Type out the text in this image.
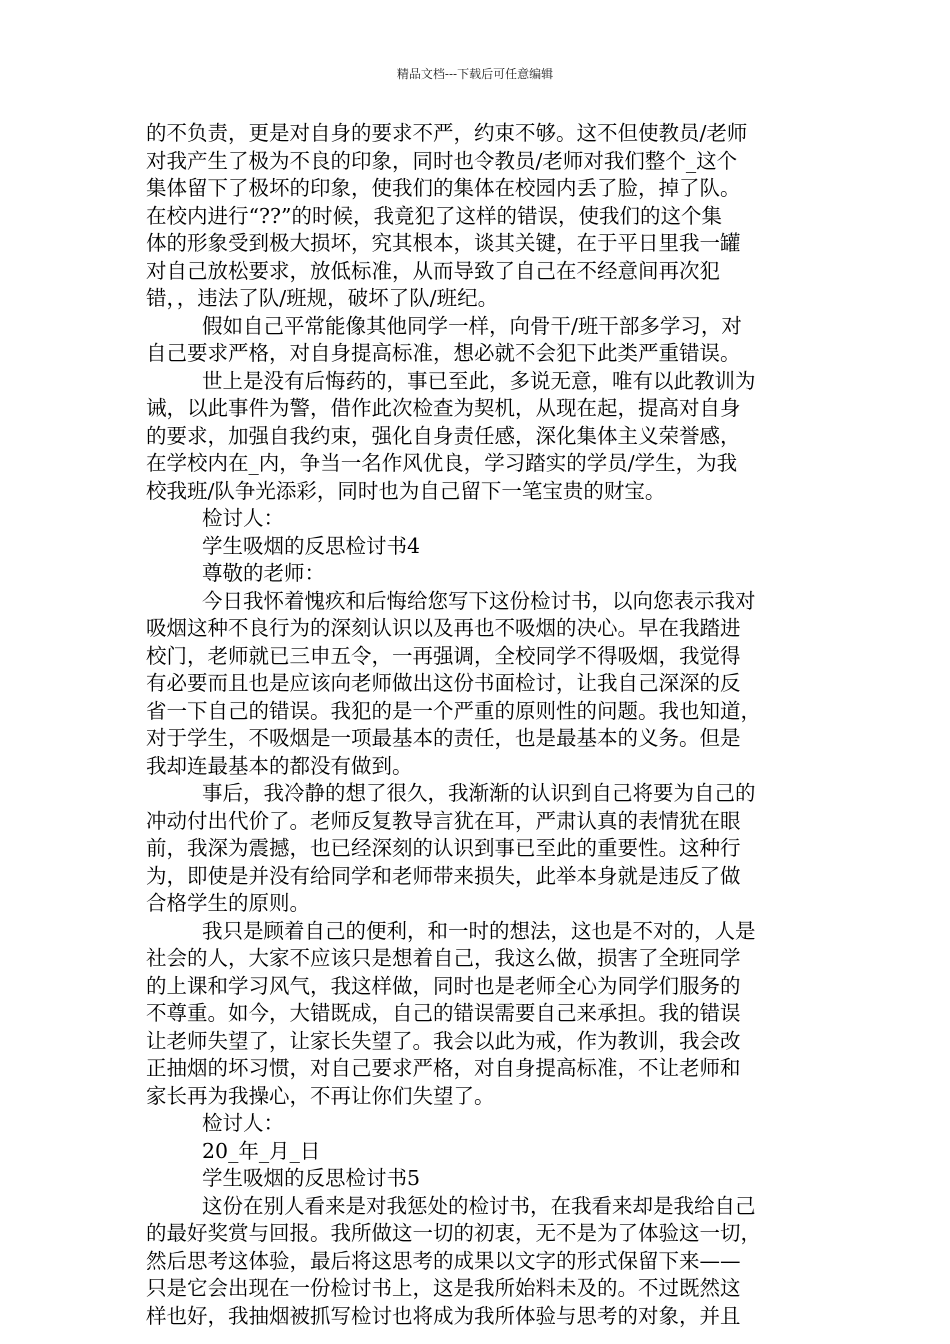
精品文档---下载后可任意编辑
的不负责，更是对自身的要求不严，约束不够。这不但使教员/老师
对我产生了极为不良的印象，同时也令教员/老师对我们整个_这个
集体留下了极坏的印象，使我们的集体在校园内丢了脸，掉了队。
在校内进行“??”的时候，我竟犯了这样的错误，使我们的这个集
体的形象受到极大损坏，究其根本，谈其关键，在于平日里我一罐
对自己放松要求，放低标准，从而导致了自己在不经意间再次犯
错，，违法了队/班规，破坏了队/班纪。
假如自己平常能像其他同学一样，向骨干/班干部多学习，对
自己要求严格，对自身提高标准，想必就不会犯下此类严重错误。
世上是没有后悔药的，事已至此，多说无意，唯有以此教训为
诫，以此事件为警，借作此次检查为契机，从现在起，提高对自身
的要求，加强自我约束，强化自身责任感，深化集体主义荣誉感，
在学校内在_内，争当一名作风优良，学习踏实的学员/学生，为我
校我班/队争光添彩，同时也为自己留下一笔宝贵的财宝。
检讨人：
学生吸烟的反思检讨书4
尊敬的老师：
今日我怀着愧疚和后悔给您写下这份检讨书，以向您表示我对
吸烟这种不良行为的深刻认识以及再也不吸烟的决心。早在我踏进
校门，老师就已三申五令，一再强调，全校同学不得吸烟，我觉得
有必要而且也是应该向老师做出这份书面检讨，让我自己深深的反
省一下自己的错误。我犯的是一个严重的原则性的问题。我也知道，
对于学生，不吸烟是一项最基本的责任，也是最基本的义务。但是
我却连最基本的都没有做到。
事后，我冷静的想了很久，我渐渐的认识到自己将要为自己的
冲动付出代价了。老师反复教导言犹在耳，严肃认真的表情犹在眼
前，我深为震撼，也已经深刻的认识到事已至此的重要性。这种行
为，即使是并没有给同学和老师带来损失，此举本身就是违反了做
合格学生的原则。
我只是顾着自己的便利，和一时的想法，这也是不对的，人是
社会的人，大家不应该只是想着自己，我这么做，损害了全班同学
的上课和学习风气，我这样做，同时也是老师全心为同学们服务的
不尊重。如今，大错既成，自己的错误需要自己来承担。我的错误
让老师失望了，让家长失望了。我会以此为戒，作为教训，我会改
正抽烟的坏习惯，对自己要求严格，对自身提高标准，不让老师和
家长再为我操心，不再让你们失望了。
检讨人：
20_年_月_日
学生吸烟的反思检讨书5
这份在别人看来是对我惩处的检讨书，在我看来却是我给自己
的最好奖赏与回报。我所做这一切的初衷，无不是为了体验这一切，
然后思考这体验，最后将这思考的成果以文字的形式保留下来——
只是它会出现在一份检讨书上，这是我所始料未及的。不过既然这
样也好，我抽烟被抓写检讨也将成为我所体验与思考的对象，并且
